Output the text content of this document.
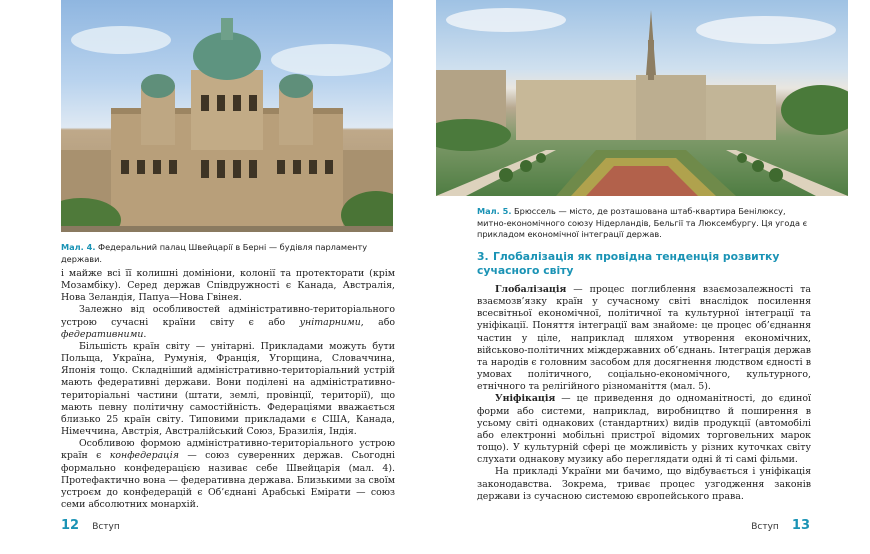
Мал. 4. Федеральний палац Швейцарії в Берні — будівля парламенту держави.

і майже всі її колишні домініони, колонії та протекторати (крім Мозамбіку). Серед держав Співдружності є Канада, Австралія, Нова Зеландія, Папуа—Нова Гвінея.

Залежно від особливостей адміністративно-територіального устрою сучасні країни світу є або унітарними, або федеративними.

Більшість країн світу — унітарні. Прикладами можуть бути Польща, Україна, Румунія, Франція, Угорщина, Словаччина, Японія тощо. Складніший адміністративно-територіальний устрій мають федеративні держави. Вони поділені на адміністративно-територіальні частини (штати, землі, провінції, території), що мають певну політичну самостійність. Федераціями вважається близько 25 країн світу. Типовими прикладами є США, Канада, Німеччина, Австрія, Австралійський Союз, Бразилія, Індія.

Особливою формою адміністративно-територіального устрою країн є конфедерація — союз суверенних держав. Сьогодні формально конфедерацією називає себе Швейцарія (мал. 4). Протефактично вона — федеративна держава. Близькими за своїм устроєм до конфедерацій є Об’єднані Арабські Емірати — союз семи абсолютних монархій.

12 Вступ
Мал. 5. Брюссель — місто, де розташована штаб-квартира Бенілюксу, митно-економічного союзу Нідерландів, Бельгії та Люксембургу. Ця угода є прикладом економічної інтеграції держав.
3. Глобалізація як провідна тенденція розвитку сучасного світу

Глобалізація — процес поглиблення взаємозалежності та взаємозв’язку країн у сучасному світі внаслідок посилення всесвітньої економічної, політичної та культурної інтеграції та уніфікації. Поняття інтеграції вам знайоме: це процес об’єднання частин у ціле, наприклад шляхом утворення економічних, військово-політичних міждержавних об’єднань. Інтеграція держав та народів є головним засобом для досягнення людством єдності в умовах політичного, соціально-економічного, культурного, етнічного та релігійного різноманіття (мал. 5).

Уніфікація — це приведення до одноманітності, до єдиної форми або системи, наприклад, виробництво й поширення в усьому світі однакових (стандартних) видів продукції (автомобілі або електронні мобільні пристрої відомих торговельних марок тощо). У культурній сфері це можливість у різних куточках світу слухати однакову музику або переглядати одні й ті самі фільми.

На прикладі України ми бачимо, що відбувається і уніфікація законодавства. Зокрема, триває процес узгодження законів держави із сучасною системою європейського права.

Вступ 13
